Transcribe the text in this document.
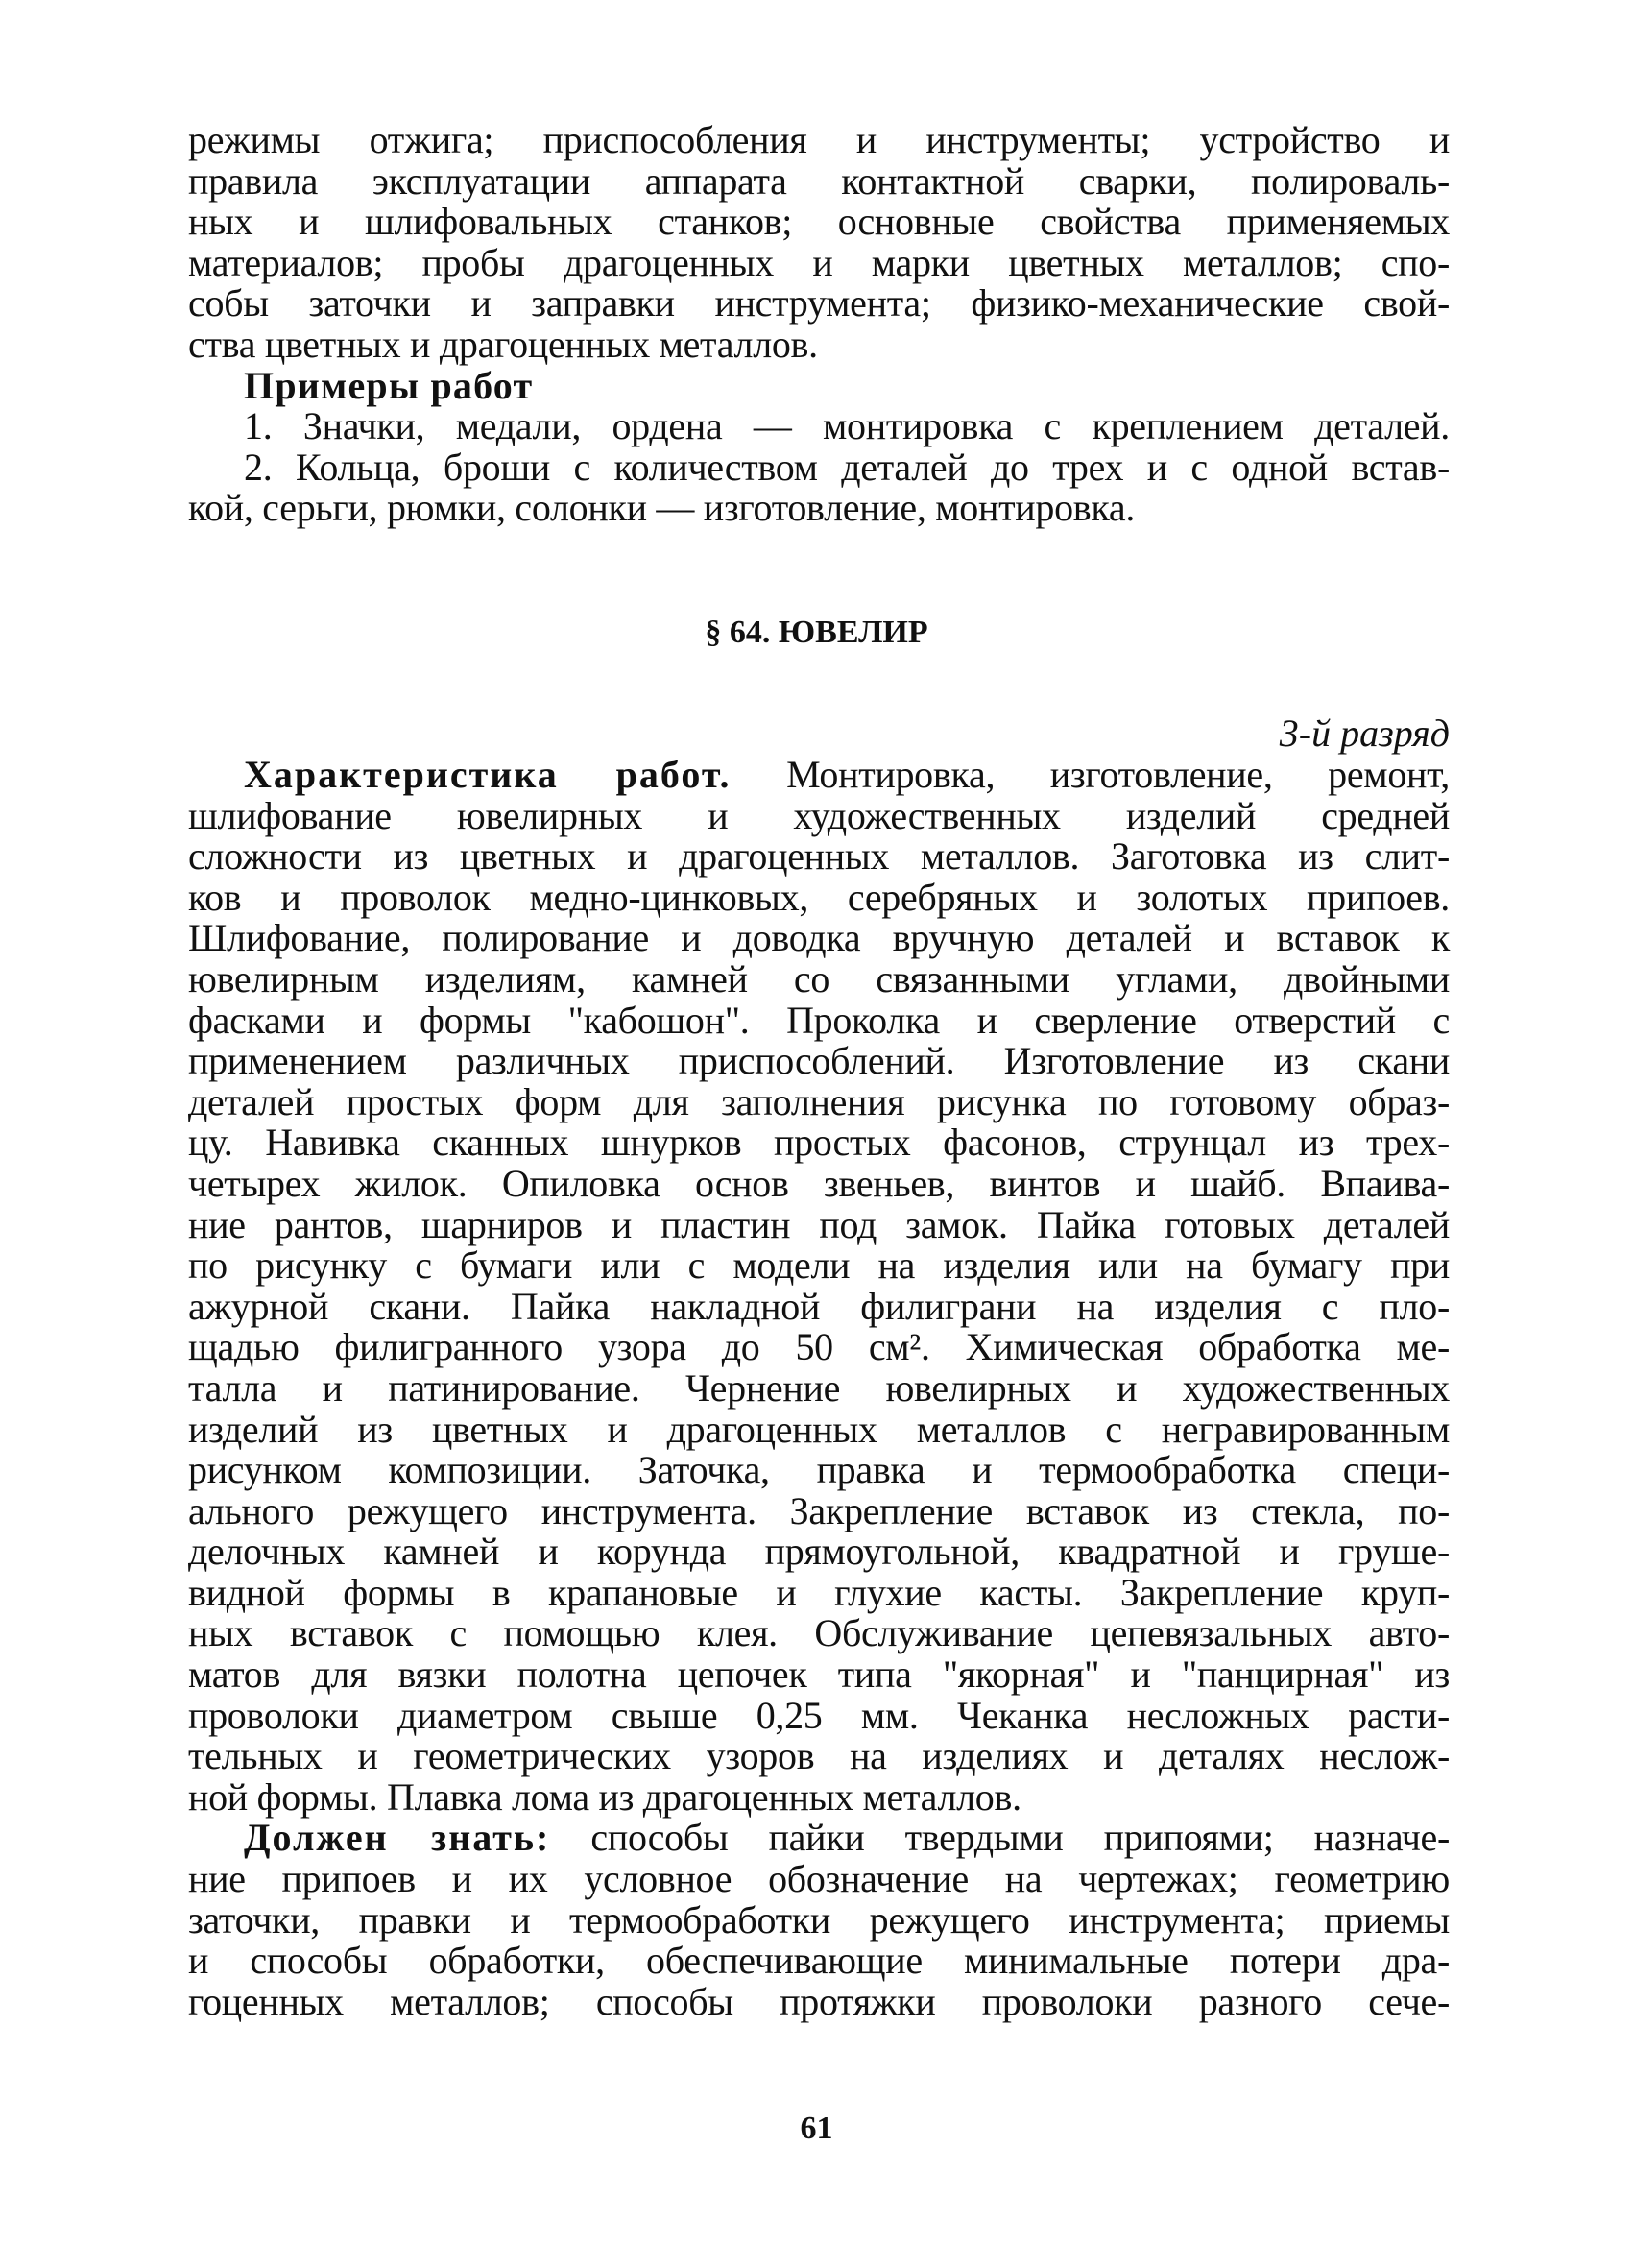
режимы отжига; приспособления и инструменты; устройство и
правила эксплуатации аппарата контактной сварки, полироваль-
ных и шлифовальных станков; основные свойства применяемых
материалов; пробы драгоценных и марки цветных металлов; спо-
собы заточки и заправки инструмента; физико-механические свой-
ства цветных и драгоценных металлов.
Примеры работ
1. Значки, медали, ордена — монтировка с креплением деталей.
2. Кольца, броши с количеством деталей до трех и с одной встав-
кой, серьги, рюмки, солонки — изготовление, монтировка.
§ 64. ЮВЕЛИР
3-й разряд
Характеристика работ. Монтировка, изготовление, ремонт,
шлифование ювелирных и художественных изделий средней
сложности из цветных и драгоценных металлов. Заготовка из слит-
ков и проволок медно-цинковых, серебряных и золотых припоев.
Шлифование, полирование и доводка вручную деталей и вставок к
ювелирным изделиям, камней со связанными углами, двойными
фасками и формы "кабошон". Проколка и сверление отверстий с
применением различных приспособлений. Изготовление из скани
деталей простых форм для заполнения рисунка по готовому образ-
цу. Навивка сканных шнурков простых фасонов, струнцал из трех-
четырех жилок. Опиловка основ звеньев, винтов и шайб. Впаива-
ние рантов, шарниров и пластин под замок. Пайка готовых деталей
по рисунку с бумаги или с модели на изделия или на бумагу при
ажурной скани. Пайка накладной филиграни на изделия с пло-
щадью филигранного узора до 50 см². Химическая обработка ме-
талла и патинирование. Чернение ювелирных и художественных
изделий из цветных и драгоценных металлов с негравированным
рисунком композиции. Заточка, правка и термообработка специ-
ального режущего инструмента. Закрепление вставок из стекла, по-
делочных камней и корунда прямоугольной, квадратной и груше-
видной формы в крапановые и глухие касты. Закрепление круп-
ных вставок с помощью клея. Обслуживание цепевязальных авто-
матов для вязки полотна цепочек типа "якорная" и "панцирная" из
проволоки диаметром свыше 0,25 мм. Чеканка несложных расти-
тельных и геометрических узоров на изделиях и деталях неслож-
ной формы. Плавка лома из драгоценных металлов.
Должен знать: способы пайки твердыми припоями; назначе-
ние припоев и их условное обозначение на чертежах; геометрию
заточки, правки и термообработки режущего инструмента; приемы
и способы обработки, обеспечивающие минимальные потери дра-
гоценных металлов; способы протяжки проволоки разного сече-
61
